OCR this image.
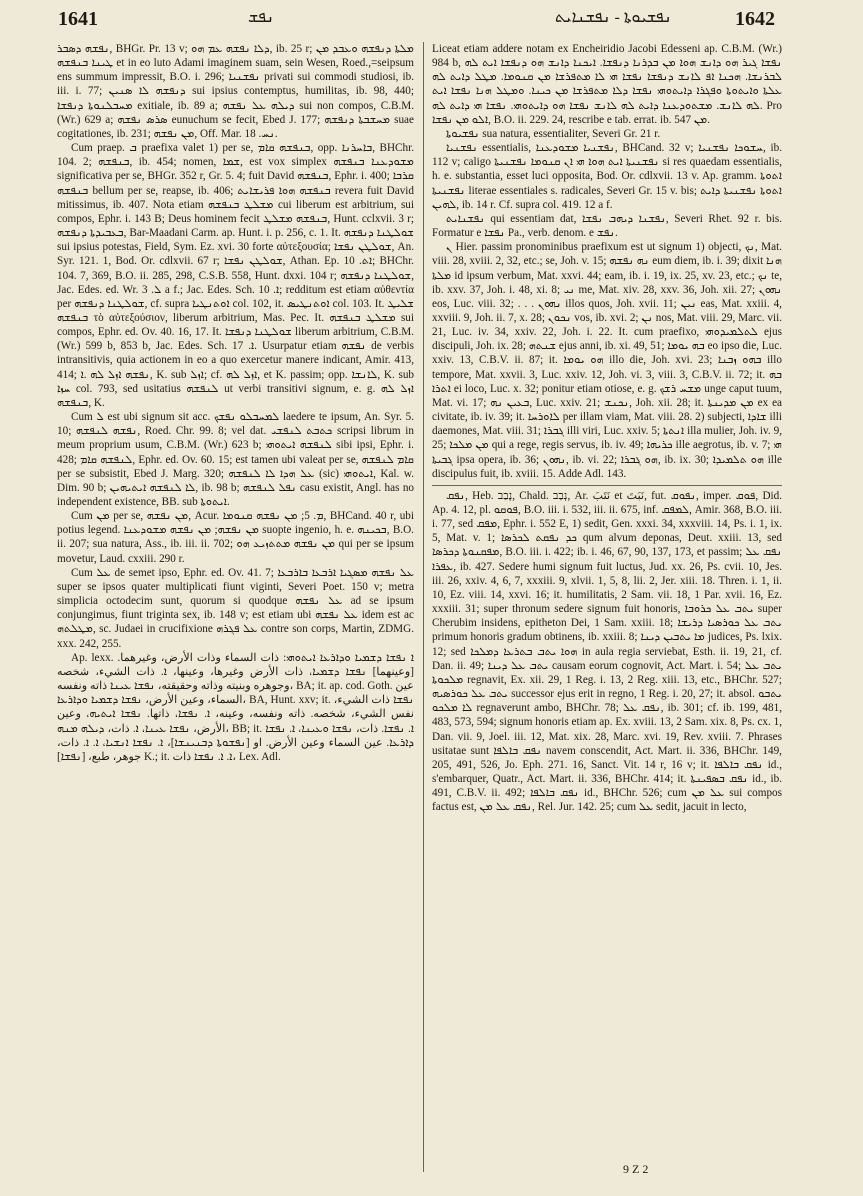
1641	ܢܦܫ	ܢܦܫܝܘܬܐ - ܢܦܫܢܐܝܬ	1642

ܢܦܫܗ ܕܣܒܪ, BHGr. Pr. 13 v; ܕܠܐ ܢܦܫܗ ܥܡ ܗܘ, ib. 25 r; ܡܠܬܐ ܕܢܦܫܗ ܘܥܒܕ ܡܢ ܛܝܢܐ ܒܢܦܫܗ et in eo luto Adami imaginem suam, sein Wesen, Roed.,=seipsum ens summum impressit, B.O. i. 296; ܢܦܫܢܝܐ privati sui commodi studiosi, ib. iii. i. 77; ܕܢܦܫܗ ܠܐ ܣܢܝܢ sui ipsius contemptus, humilitas, ib. 98, 440; ܡܚܒܠܢܘܬܐ ܕܢܦܫܐ exitiale, ib. 89 a; ܕܝܠܗ ܥܠ ܢܦܫܗ sui non compos, C.B.M. (Wr.) 629 a; ܣܪܣ ܢܦܫܗ eunuchum se fecit, Ebed J. 177; ܡܚܫܒܬܐ ܕܢܦܫܗ suae cogitationes, ib. 231; ܡܢ ܢܦܫܗ, Off. Mar. ܢܚ. 18.

Cum praep. ܒ praefixa valet 1) per se, ܒܢܦܫܗ ܩܐܡ, opp. ܒܐܚܪܢܐ, BHChr. 104. 2; ܒܢܦܫܗ, ib. 454; nomen, ܫܡܐ, est vox simplex ܡܫܘܕܥܢܐ ܒܢܦܫܗ significativa per se, BHGr. 352 r, Gr. 5. 4; fuit David ܒܢܦܫܗ, Ephr. i. 400; ܩܪܒܐ ܒܢܦܫܗ bellum per se, reapse, ib. 406; ܒܢܦܫܗ ܗܘܐ ܦܪܝܫܐܝܬ revera fuit David mitissimus, ib. 407. Nota etiam ܡܫܠܛ ܒܢܦܫܗ cui liberum est arbitrium, sui compos, Ephr. i. 143 B; Deus hominem fecit ܒܢܦܫܗ ܡܫܠܛ, Hunt. cclxvii. 3 r; ܒܥܒܝܕܬܐ ܕܢܦܫܗ, Bar-Maadani Carm. ap. Hunt. i. p. 256, c. 1. It. ܫܘܠܛܢܐ ܕܢܦܫܗ sui ipsius potestas, Field, Sym. Ez. xvi. 30 forte αὐτεξουσία; ܫܘܠܛܢ ܢܦܫܐ, An. Syr. 121. 1, Bod. Or. cdlxvii. 67 r; ܫܘܠܛܢ ܢܦܫܐ, Athan. Ep. ܐܬ. 10; BHChr. 104. 7, 369, B.O. ii. 285, 298, C.S.B. 558, Hunt. dxxi. 104 r; ܫܘܠܛܢܐ ܕܢܦܫܗ, Jac. Edes. ed. Wr. ܠ. 3 a f.; Jac. Edes. Sch. ܐ. 10; redditum est etiam αὐθεντία per ܫܘܠܛܢܐ ܕܢܦܫܗ, cf. supra ܐܘܬܢܛܝܐ col. 102, it. ܐܘܬܢܛܝܣ col. 103. It. ܫܠܝܛ ܒܢܦܫܗ τὸ αὐτεξούσιον, liberum arbitrium, Mas. Pec. It. ܡܫܠܛ ܒܢܦܫܗ sui compos, Ephr. ed. Ov. 40. 16, 17. It. ܫܘܠܛܢܐ ܕܢܦܫܐ liberum arbitrium, C.B.M. (Wr.) 599 b, 853 b, Jac. Edes. Sch. ܐ. 17. Usurpatur etiam ܢܦܫܗ de verbis intransitivis, quia actionem in eo a quo exercetur manere indicant, Amir. 413, 414; ܢܦܫܗ ܐܙܠ ܠܗ .ܐ, K. sub ܐܙܠ; cf. ܐܙܠ ܠܗ, et K. passim; opp. ܠܐܢܫܐ, K. sub ܚܙܐ col. 793, sed usitatius ܠܢܦܫܗ ut verbi transitivi signum, e. g. ܐܙܠ ܠܗ ܒܢܦܫܗ, K.

Cum ܠ est ubi signum sit acc. ܠܡܚܒܠܘ ܢܦܫܟ laedere te ipsum, An. Syr. 5. 10; ܢܦܫܗ ܠܢܦܫܗ, Roed. Chr. 99. 8; vel dat. ܟܬܒܬ ܠܢܦܫܝ scripsi librum in meum proprium usum, C.B.M. (Wr.) 623 b; ܠܢܦܫܗ ܐܝܬܘܗܝ sibi ipsi, Ephr. i. 428; ܠܢܦܫܗ ܩܐܡ, Ephr. ed. Ov. 60. 15; est tamen ubi valeat per se, ܩܐܡ ܠܢܦܫܗ per se subsistit, Ebed J. Marg. 320; ܥܠ ܗܕܐ ܠܐ ܠܢܦܫܗ (sic) ܐܝܬܘܗܝ, Kal. w. Dim. 90 b; ܠܐ ܠܢܦܫܗ ܐܝܬܝܗܝܢ, ib. 98 b; ܢܦܠ ܠܢܦܫܗ casu existit, Angl. has no independent existence, BB. sub ܐܝܬܘܬܐ.

Cum ܡܢ per se, ܡܢ ܢܦܫܗ, Acur. ܡ. 5; ܡܢ ܢܦܫܗ ܩܢܘܡܐ, BHCand. 40 r, ubi potius legend. ܡܢ ܢܦܫܗ; ܡܢ ܢܦܫܗ ܡܫܘܕܥܢܐ suopte ingenio, h. e. ܒܟܝܢܗ, B.O. ii. 207; sua natura, Ass., ib. iii. ii. 702; ܡܢ ܢܦܫܗ ܡܬܬܙܝܥ ܗܘ qui per se ipsum movetur, Laud. cxxiii. 290 r.

Cum ܥܠ de semet ipso, Ephr. ed. Ov. 41. 7; ܥܠ ܢܦܫܗ ܡܣܓܝܐ ܐܪܒܥܐ ܒܐܪܒܥܐ super se ipsos quater multiplicati fiunt viginti, Severi Poet. 150 v; metra simplicia octodecim sunt, quorum si quodque ܥܠ ܢܦܫܗ ad se ipsum conjungimus, fiunt triginta sex, ib. 148 v; est etiam ubi ܥܠ ܢܦܫܗ idem est ac ܡܛܠܬܗ, sc. Judaei in crucifixione ܥܠ ܦܓܪܗ contre son corps, Martin, ZDMG. xxx. 242, 255.

Ap. lexx. .ܐ ܢܦܫܐ ܕܫܡܝܐ ܘܕܐܪܥܐ ܐܝܬܘܗܝ: ذات السماء وذات الأرض، وغيرهما [وعينهما] ܢܦܫܐ ܕܫܡܝܐ، ذات الأرض وغيرها، وعينها، ܐ. ذات الشيء، شخصه وجوهره وبنيته وذاته وحقيقته، ܢܦܫܐ ܥܝܢܐ ذاته ونفسه، BA; it. ap. cod. Goth. عين السماء، وعين الأرض، ܢܦܫܐ ܕܫܡܝܐ ܘܕܐܪܥܐ، BA, Hunt. xxv; it. ܢܦܫܐ ذات الشيء، نفس الشيء، شخصه. ذاته ونفسه، وعينه، ܐ. ܢܦܫܐ، ذاتها. ܢܦܫܐ ܐܝܬܝܗ، وعين الأرض، ܢܦܫܐ ܥܝܢܐ، ܐ. ذات، ܕܝܠܗ ܡܢܗ، BB; it. ܐ. ܢܦܫܐ. ذات، ܢܦܫܐ ܘܥܝܢܐ، ܐ. ܢܦܫܐ ܕܐܪܥܐ. عين السماء وعين الأرض. او [ܢܦܫܘܬܐ ܕܒܢܝܢܫܐ]، ܐ. ܢܦܫܐ ܐܢܫܝܐ، ܐ. ܐ. ذات، جوهر، طبع، [ܢܦܫܐ] K.; it. ܐ. ܐ. ܢܦܫܐ ذات، Lex. Adl.

Liceat etiam addere notam ex Encheiridio Jacobi Edesseni ap. C.B.M. (Wr.) 984 b, ܢܦܫܐ ܓܝܪ ܗܘ ܕܐܢܫ ܗܘܐ ܡܢ ܒܕܪܢܐ ܕܢܦܫܐ. ܐܝܟܢܐ ܕܐܢܫ ܗܘ ܕܢܦܫܐ ܐܝܬ ܠܗ ܠܒܪܢܫܐ. ܗܟܢܐ ܐܦ ܠܐܢܫ ܕܢܦܫܐ ܢܦܫܐ ܗܝ ܠܐ ܡܬܦܪܫܐ ܡܢ ܩܢܘܡܐ. ܡܛܠ ܕܐܝܬ ܠܗ ܥܠܬܐ ܘܐܝܬܘܬܐ ܘܦܓܪܐ ܕܐܝܬܘܗܝ ܢܦܫܐ ܕܠܐ ܡܬܦܪܫܐ ܡܢ ܟܝܢܐ. ܘܡܛܠ ܗܢܐ ܢܦܫܐ ܐܝܬ ܠܗ ܠܐܢܫ. ܡܫܬܘܕܥܢܐ ܕܐܝܬ ܠܗ ܠܐܢܫ ܢܦܫܐ ܗܘ ܕܐܝܬܘܗܝ. ܢܦܫܐ ܗܝ ܕܐܝܬ ܠܗ. Pro ܐܠܘ ܡܢ ܢܦܫܐ, B.O. ii. 229. 24, rescribe e tab. errat. ib. 547 ܡܢ.

ܢܦܫܝܘܬܐ sua natura, essentialiter, Severi Gr. 21 r.

ܢܦܫܢܝܐ essentialis, ܢܦܫܢܝܐ ܡܫܘܕܥܢܐ, BHCand. 32 v; ܚܫܘܟܐ ܢܦܫܢܝܐ, ib. 112 v; caligo ܢܦܫܢܝܬܐ ܐܝܬ ܗܘܐ ܗܝ ܐܢ ܩܢܘܡܐ ܢܦܫܢܝܬܐ si res quaedam essentialis, h. e. substantia, esset luci opposita, Bod. Or. cdlxvii. 13 v. Ap. gramm. ܐܬܘܬܐ ܢܦܫܢܝܬܐ literae essentiales s. radicales, Severi Gr. 15 v. bis; ܐܬܘܬܐ ܢܦܫܢܝܬܐ ܕܐܝܬ ܠܗܝܢ, ib. 14 r. Cf. supra col. 419. 12 a f.

ܢܦܫܢܐܝܬ qui essentiam dat, ܢܦܫܢܐ ܕܝܗܒ ܢܦܫܐ, Severi Rhet. 92 r. bis. Formatur e ܢܦܫܐ Pa., verb. denom. e ܢܦܫ.

ܢ Hier. passim pronominibus praefixum est ut signum 1) objecti, ܢܟ, Mat. viii. 28, xviii. 2, 32, etc.; se, Joh. v. 15; ܢܗ ܢܦܫܗ eum diem, ib. i. 39; dixit ܗܢܐ ܡܠܬܐ id ipsum verbum, Mat. xxvi. 44; eam, ib. i. 19, ix. 25, xv. 23, etc.; ܢܟ te, ib. xxv. 37, Joh. i. 48, xi. 8; ܢܝ me, Mat. xiv. 28, xxv. 36, Joh. xii. 27; ܢܗܘܢ eos, Luc. viii. 32; . . . ܢܗܘܢ illos quos, Joh. xvii. 11; ܢܝܢ eas, Mat. xxiii. 4, xxviii. 9, Joh. ii. 7, x. 28; ܢܟܘܢ vos, ib. xvi. 2; ܢܢ nos, Mat. viii. 29, Marc. vii. 21, Luc. iv. 34, xxiv. 22, Joh. i. 22. It. cum praefixo, ܠܬܠܡܝܕܘܗܝ ejus discipuli, Joh. ix. 28; ܫܢܬܗ ejus anni, ib. xi. 49, 51; ܒܗ ܝܘܡܐ eo ipso die, Luc. xxiv. 13, C.B.V. ii. 87; it. ܗܘ ܝܘܡܐ illo die, Joh. xvi. 23; ܒܗܘ ܙܒܢܐ illo tempore, Mat. xxvii. 3, Luc. xxiv. 12, Joh. vi. 3, viii. 3, C.B.V. ii. 72; it. ܒܗ ܐܬܪܐ ei loco, Luc. x. 32; ponitur etiam otiose, e. g. ܡܫܚ ܪܫܟ unge caput tuum, Mat. vi. 17; ܒܥܝܢ ܢܗ, Luc. xxiv. 21; ܢܟܢܫ, Joh. xii. 28; it. ܡܢ ܡܕܝܢܬܐ ex ea civitate, ib. iv. 39; it. ܠܐܘܪܚܐ per illam viam, Mat. viii. 28. 2) subjecti, ܫܐܕܐ illi daemones, Mat. viii. 31; ܓܒܪܐ illi viri, Luc. xxiv. 5; ܐܢܬܬܐ illa mulier, Joh. iv. 9, 25; ܡܢ ܡܠܟܐ qui a rege, regis servus, ib. iv. 49; ܟܪܝܗܐ ille aegrotus, ib. v. 7; ܗܝ ܓܒܝܬܐ ipsa opera, ib. 36; ܢܗܘܢ, ib. vi. 22; ܗܘ ܓܒܪܐ, ib. ix. 30; ܗܘ ܬܠܡܝܕܐ ille discipulus fuit, ib. xviii. 15. Adde Adl. 143.

ܢܦܩ, Heb. ‏נָבַב‏, Chald. ‏נְבַב‏, Ar. نَتَبَ et نَبَتَ, fut. ܢܦܘܩ, imper. ܦܘܩ, Did. Ap. 4. 12, pl. ܦܘܩܘ, B.O. iii. i. 532, iii. ii. 675, inf. ܠܡܦܩ, Amir. 368, B.O. iii. i. 77, sed ܡܦܩ, Ephr. i. 552 E, 1) sedit, Gen. xxxi. 34, xxxviii. 14, Ps. i. 1, ix. 5, Mat. v. 1; ܟܕ ܢܦܩܬ ܠܟܪܣܐ qum alvum deponas, Deut. xxiii. 13, sed ܡܦܩܢܘܬܐ ܕܟܪܣܐ, B.O. iii. i. 422; ib. i. 46, 67, 90, 137, 173, et passim; ܢܦܩ ܥܠ ܥܦܪܐ, ib. 427. Sedere humi signum fuit luctus, Jud. xx. 26, Ps. cvii. 10, Jes. iii. 26, xxiv. 4, 6, 7, xxxiii. 9, xlvii. 1, 5, 8, lii. 2, Jer. xiii. 18. Thren. i. 1, ii. 10, Ez. viii. 14, xxvi. 16; it. humilitatis, 2 Sam. vii. 18, 1 Par. xvii. 16, Ez. xxxiii. 31; super thronum sedere signum fuit honoris, ܝܬܒ ܥܠ ܟܪܘܒܐ super Cherubim insidens, epitheton Dei, 1 Sam. xxiii. 18; ܝܬܒ ܥܠ ܟܘܪܣܝܐ ܕܪܝܫܐ primum honoris gradum obtinens, ib. xxiii. 8; ܡܐ ܝܬܒܝܢ ܕܝܢܐ judices, Ps. lxix. 12; sed ܗܘܐ ܝܬܒ ܒܬܪܥܐ ܕܡܠܟܐ in aula regia serviebat, Esth. ii. 19, 21, cf. Dan. ii. 49; ܝܬܒ ܥܠ ܕܝܢܐ causam eorum cognovit, Act. Mart. i. 54; ܝܬܒ ܥܠ ܡܠܟܘܬܐ regnavit, Ex. xii. 29, 1 Reg. i. 13, 2 Reg. xiii. 13, etc., BHChr. 527; ܝܬܒ ܥܠ ܟܘܪܣܝܗ successor ejus erit in regno, 1 Reg. i. 20, 27; it. absol. ܝܬܒܘ ܠܐ ܡܠܟܘ regnaverunt ambo, BHChr. 78; ܢܦܩ ܥܠ, ib. 301; cf. ib. 199, 481, 483, 573, 594; signum honoris etiam ap. Ex. xviii. 13, 2 Sam. xix. 8, Ps. cx. 1, Dan. vii. 9, Joel. iii. 12, Mat. xix. 28, Marc. xvi. 19, Rev. xviii. 7. Phrases usitatae sunt ܢܦܩ ܒܐܠܦܐ navem conscendit, Act. Mart. ii. 336, BHChr. 149, 205, 491, 526, Jo. Eph. 271. 16, Sanct. Vit. 14 r, 16 v; it. ܢܦܩ ܒܐܠܦܐ id., s'embarquer, Quatr., Act. Mart. ii. 336, BHChr. 414; it. ܢܦܩ ܒܣܦܝܢܬܐ id., ib. 491, C.B.V. ii. 492; ܢܦܩ ܒܐܠܦܐ id., BHChr. 526; cum ܥܠ ܡܢ sui compos factus est, ܢܦܩ ܥܠ ܡܢ, Rel. Jur. 142. 25; cum ܥܠ sedit, jacuit in lecto,

9 Z 2
